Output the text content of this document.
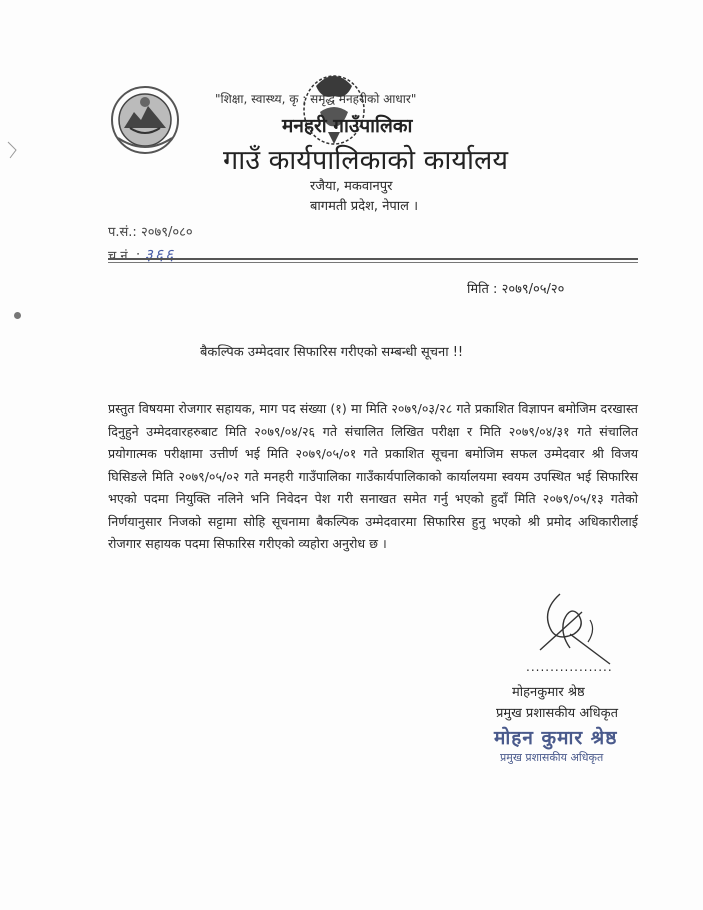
"शिक्षा, स्वास्थ्य, कृ ; समृद्ध मनहरीको आधार"
मनहरी गाउँपालिका
गाउँ कार्यपालिकाको कार्यालय
रजैया, मकवानपुर
बागमती प्रदेश, नेपाल ।
प.सं.: २०७९/०८०
च.नं. : ३६६
मिति : २०७९/०५/२०
बैकल्पिक उम्मेदवार सिफारिस गरीएको सम्बन्धी सूचना !!
प्रस्तुत विषयमा रोजगार सहायक, माग पद संख्या (१) मा मिति २०७९/०३/२८ गते प्रकाशित विज्ञापन बमोजिम दरखास्त दिनुहुने उम्मेदवारहरुबाट मिति २०७९/०४/२६ गते संचालित लिखित परीक्षा र मिति २०७९/०४/३१ गते संचालित प्रयोगात्मक परीक्षामा उत्तीर्ण भई मिति २०७९/०५/०१ गते प्रकाशित सूचना बमोजिम सफल उम्मेदवार श्री विजय घिसिङले मिति २०७९/०५/०२ गते मनहरी गाउँपालिका गाउँकार्यपालिकाको कार्यालयमा स्वयम उपस्थित भई सिफारिस भएको पदमा नियुक्ति नलिने भनि निवेदन पेश गरी सनाखत समेत गर्नु भएको हुदाँ मिति २०७९/०५/१३ गतेको निर्णयानुसार निजको सट्टामा सोहि सूचनामा बैकल्पिक उम्मेदवारमा सिफारिस हुनु भएको श्री प्रमोद अधिकारीलाई रोजगार सहायक पदमा सिफारिस गरीएको व्यहोरा अनुरोध छ ।
..................
मोहनकुमार श्रेष्ठ
प्रमुख प्रशासकीय अधिकृत
मोहन कुमार श्रेष्ठ
प्रमुख प्रशासकीय अधिकृत
